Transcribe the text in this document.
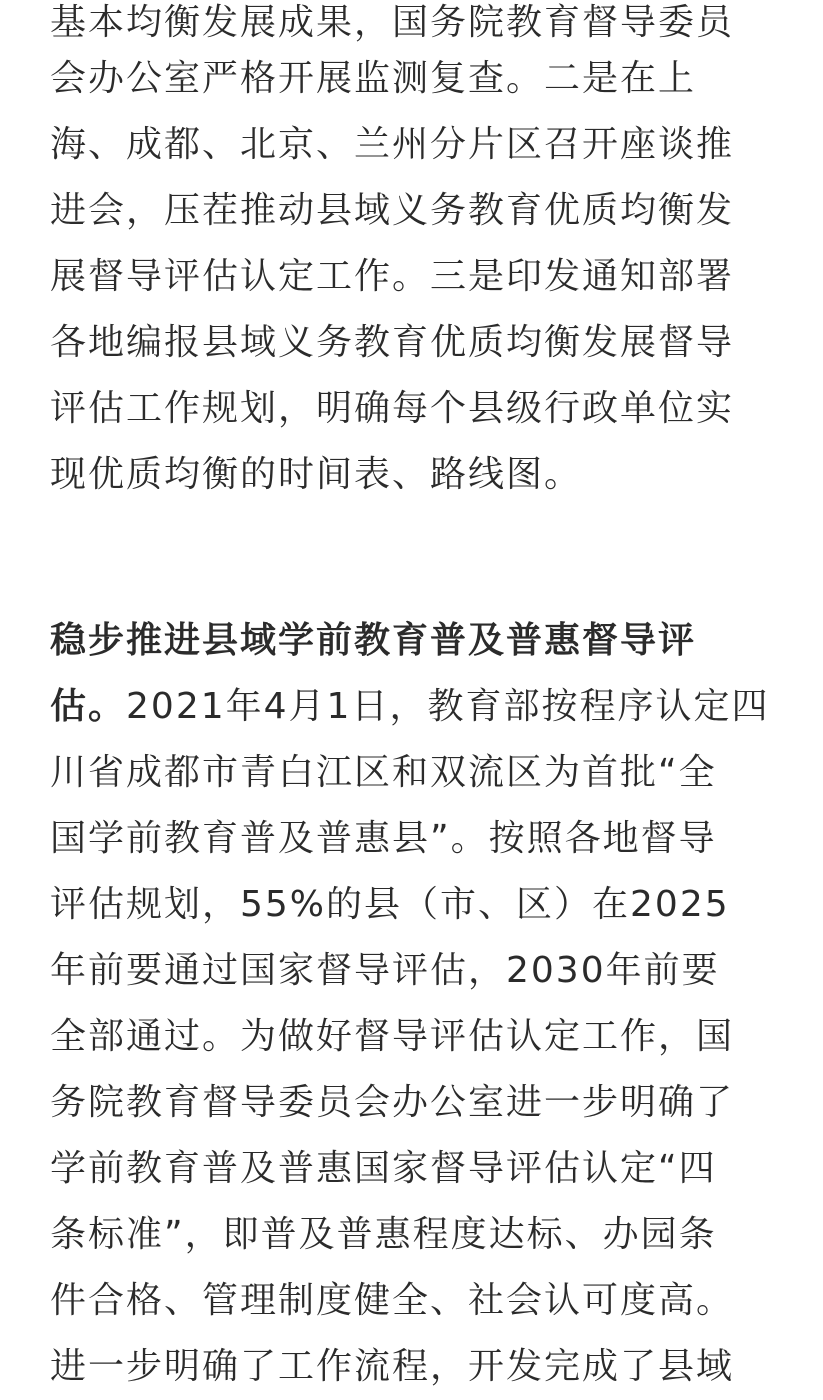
基本均衡发展成果，国务院教育督导委员
会办公室严格开展监测复查。二是在上
海、成都、北京、兰州分片区召开座谈推
进会，压茬推动县域义务教育优质均衡发
展督导评估认定工作。三是印发通知部署
各地编报县域义务教育优质均衡发展督导
评估工作规划，明确每个县级行政单位实
现优质均衡的时间表、路线图。
稳步推进县域学前教育普及普惠督导评
估。2021年4月1日，教育部按程序认定四
川省成都市青白江区和双流区为首批“全
国学前教育普及普惠县”。按照各地督导
评估规划，55%的县（市、区）在2025
年前要通过国家督导评估，2030年前要
全部通过。为做好督导评估认定工作，国
务院教育督导委员会办公室进一步明确了
学前教育普及普惠国家督导评估认定“四
条标准”，即普及普惠程度达标、办园条
件合格、管理制度健全、社会认可度高。
进一步明确了工作流程，开发完成了县域
